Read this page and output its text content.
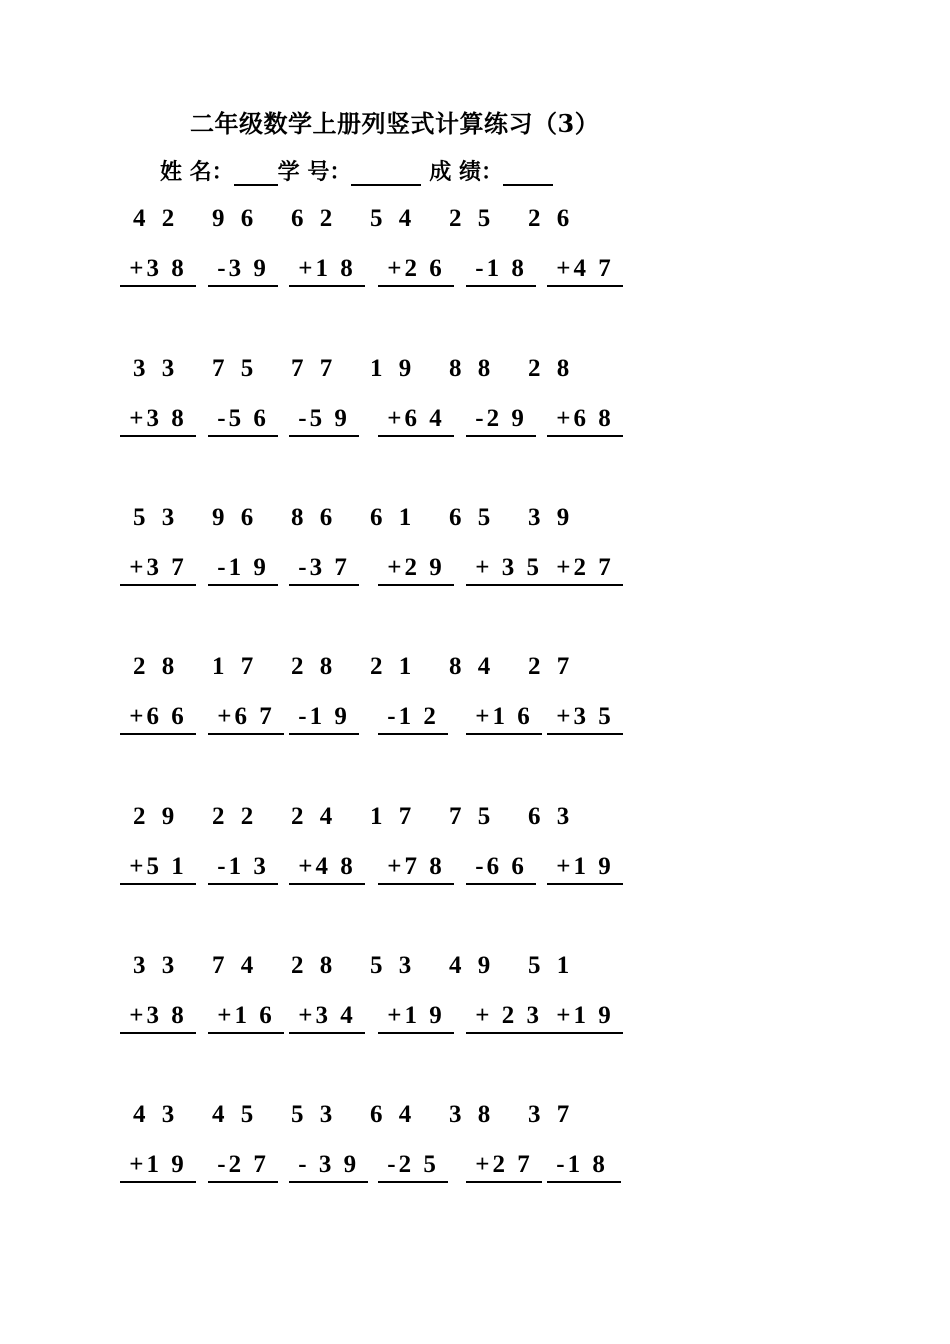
二年级数学上册列竖式计算练习（3）
姓 名： 学 号：	成 绩：
4 2 9 6 6 2 5 4 2 5 2 6
+3 8 -3 9 +1 8 +2 6 -1 8 +4 7
3 3 7 5 7 7 1 9 8 8 2 8
+3 8 -5 6 -5 9 +6 4 -2 9 +6 8
5 3 9 6 8 6 6 1 6 5 3 9
+3 7 -1 9 -3 7 +2 9 + 3 5
+2 7
2 8 1 7 2 8 2 1 8 4 2 7
+6 6 +6 7 -1 9 -1 2 +1 6 +3 5
2 9 2 2 2 4 1 7 7 5 6 3
+5 1 -1 3 +4 8 +7 8 -6 6 +1 9
3 3 7 4 2 8 5 3 4 9 5 1
+3 8 +1 6 +3 4 +1 9 + 2 3
+1 9
4 3 4 5 5 3 6 4 3 8 3 7
+1 9 -2 7 - 3 9 -2 5 +2 7 -1 8
